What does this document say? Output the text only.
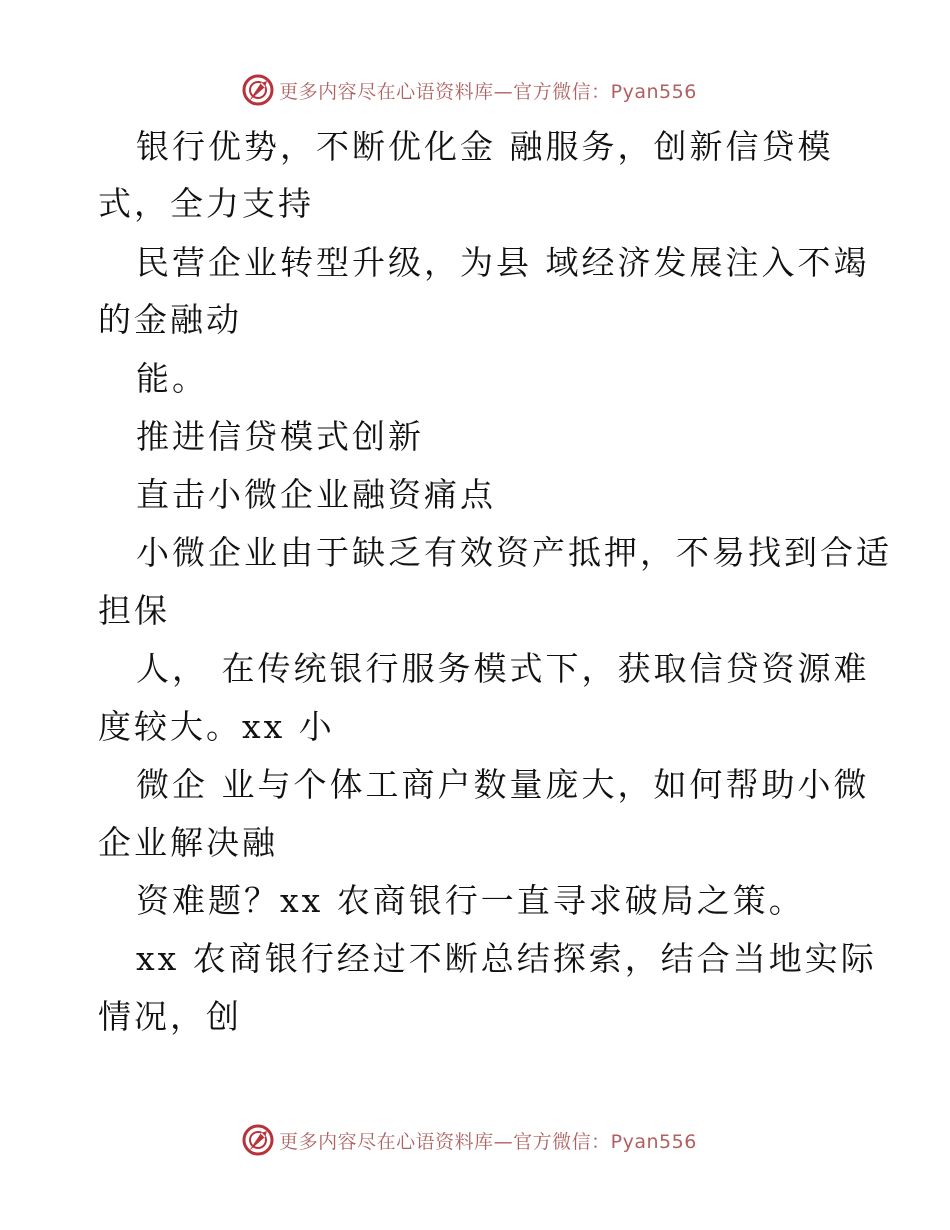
更多内容尽在心语资料库—官方微信：Pyan556
银行优势，不断优化金 融服务，创新信贷模
式，全力支持
民营企业转型升级，为县 域经济发展注入不竭
的金融动
能。
推进信贷模式创新
直击小微企业融资痛点
小微企业由于缺乏有效资产抵押，不易找到合适
担保
人， 在传统银行服务模式下，获取信贷资源难
度较大。xx 小
微企 业与个体工商户数量庞大，如何帮助小微
企业解决融
资难题？xx 农商银行一直寻求破局之策。
xx 农商银行经过不断总结探索，结合当地实际
情况，创
更多内容尽在心语资料库—官方微信：Pyan556
